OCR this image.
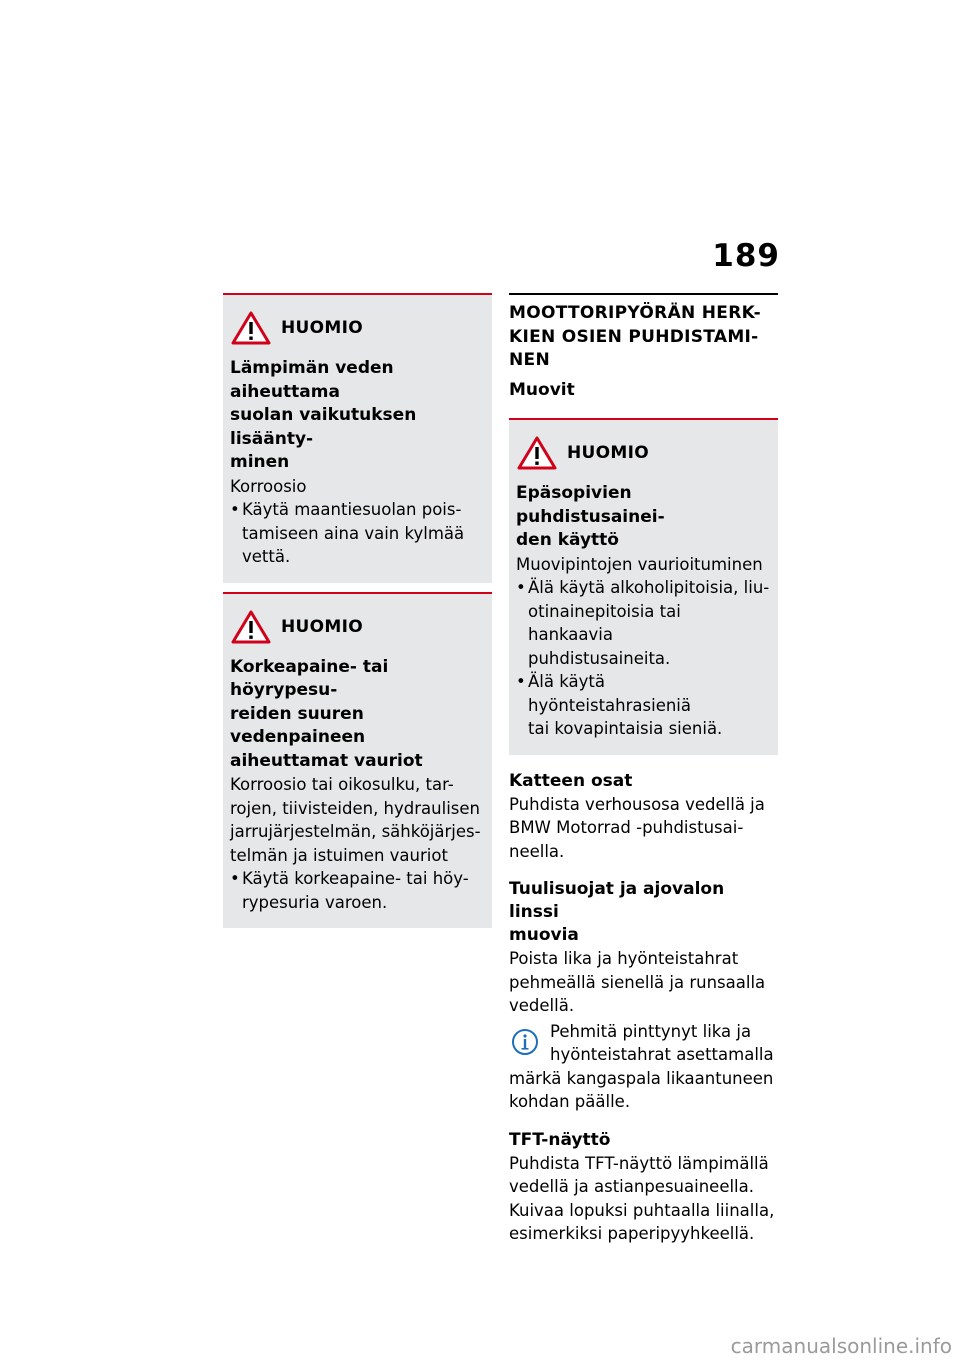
189
HUOMIO
Lämpimän veden aiheuttama
suolan vaikutuksen lisäänty-
minen
Korroosio
• Käytä maantiesuolan pois-
tamiseen aina vain kylmää
vettä.
HUOMIO
Korkeapaine- tai höyrypesu-
reiden suuren vedenpaineen
aiheuttamat vauriot
Korroosio tai oikosulku, tar-
rojen, tiivisteiden, hydraulisen
jarrujärjestelmän, sähköjärjes-
telmän ja istuimen vauriot
• Käytä korkeapaine- tai höy-
rypesuria varoen.
MOOTTORIPYÖRÄN HERK-
KIEN OSIEN PUHDISTAMI-
NEN
Muovit
HUOMIO
Epäsopivien puhdistusainei-
den käyttö
Muovipintojen vaurioituminen
• Älä käytä alkoholipitoisia, liu-
otinainepitoisia tai hankaavia
puhdistusaineita.
• Älä käytä hyönteistahrasieniä
tai kovapintaisia sieniä.
Katteen osat
Puhdista verhousosa vedellä ja
BMW Motorrad -puhdistusai-
neella.
Tuulisuojat ja ajovalon linssi
muovia
Poista lika ja hyönteistahrat
pehmeällä sienellä ja runsaalla
vedellä.
Pehmitä pinttynyt lika ja
hyönteistahrat asettamalla
märkä kangaspala likaantuneen
kohdan päälle.
TFT-näyttö
Puhdista TFT-näyttö lämpimällä
vedellä ja astianpesuaineella.
Kuivaa lopuksi puhtaalla liinalla,
esimerkiksi paperipyyhkeellä.
carmanualsonline.info
